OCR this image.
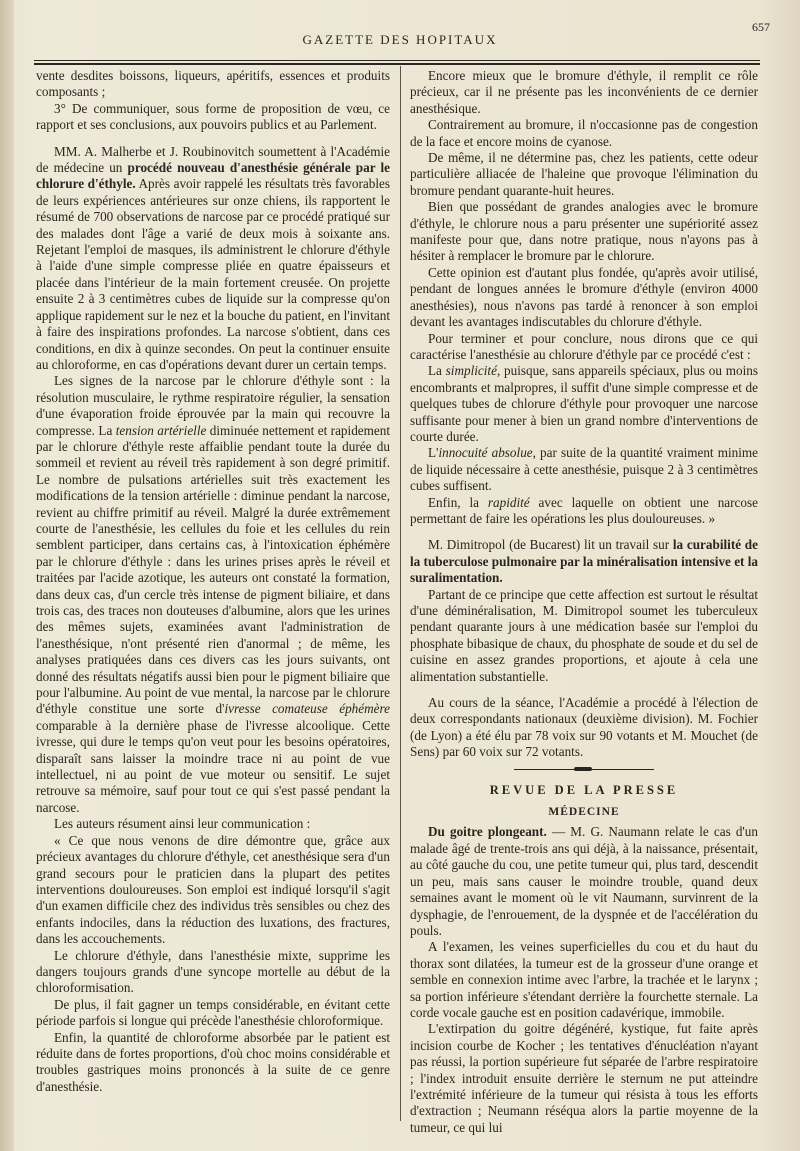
GAZETTE DES HOPITAUX
657

vente desdites boissons, liqueurs, apéritifs, essences et produits composants ;

3° De communiquer, sous forme de proposition de vœu, ce rapport et ses conclusions, aux pouvoirs publics et au Parlement.

MM. A. Malherbe et J. Roubinovitch soumettent à l'Académie de médecine un procédé nouveau d'anesthésie générale par le chlorure d'éthyle. Après avoir rappelé les résultats très favorables de leurs expériences antérieures sur onze chiens, ils rapportent le résumé de 700 observations de narcose par ce procédé pratiqué sur des malades dont l'âge a varié de deux mois à soixante ans. Rejetant l'emploi de masques, ils administrent le chlorure d'éthyle à l'aide d'une simple compresse pliée en quatre épaisseurs et placée dans l'intérieur de la main fortement creusée. On projette ensuite 2 à 3 centimètres cubes de liquide sur la compresse qu'on applique rapidement sur le nez et la bouche du patient, en l'invitant à faire des inspirations profondes. La narcose s'obtient, dans ces conditions, en dix à quinze secondes. On peut la continuer ensuite au chloroforme, en cas d'opérations devant durer un certain temps.

Les signes de la narcose par le chlorure d'éthyle sont : la résolution musculaire, le rythme respiratoire régulier, la sensation d'une évaporation froide éprouvée par la main qui recouvre la compresse. La tension artérielle diminuée nettement et rapidement par le chlorure d'éthyle reste affaiblie pendant toute la durée du sommeil et revient au réveil très rapidement à son degré primitif. Le nombre de pulsations artérielles suit très exactement les modifications de la tension artérielle : diminue pendant la narcose, revient au chiffre primitif au réveil. Malgré la durée extrêmement courte de l'anesthésie, les cellules du foie et les cellules du rein semblent participer, dans certains cas, à l'intoxication éphémère par le chlorure d'éthyle : dans les urines prises après le réveil et traitées par l'acide azotique, les auteurs ont constaté la formation, dans deux cas, d'un cercle très intense de pigment biliaire, et dans trois cas, des traces non douteuses d'albumine, alors que les urines des mêmes sujets, examinées avant l'administration de l'anesthésique, n'ont présenté rien d'anormal ; de même, les analyses pratiquées dans ces divers cas les jours suivants, ont donné des résultats négatifs aussi bien pour le pigment biliaire que pour l'albumine. Au point de vue mental, la narcose par le chlorure d'éthyle constitue une sorte d'ivresse comateuse éphémère comparable à la dernière phase de l'ivresse alcoolique. Cette ivresse, qui dure le temps qu'on veut pour les besoins opératoires, disparaît sans laisser la moindre trace ni au point de vue intellectuel, ni au point de vue moteur ou sensitif. Le sujet retrouve sa mémoire, sauf pour tout ce qui s'est passé pendant la narcose.

Les auteurs résument ainsi leur communication :

« Ce que nous venons de dire démontre que, grâce aux précieux avantages du chlorure d'éthyle, cet anesthésique sera d'un grand secours pour le praticien dans la plupart des petites interventions douloureuses. Son emploi est indiqué lorsqu'il s'agit d'un examen difficile chez des individus très sensibles ou chez des enfants indociles, dans la réduction des luxations, des fractures, dans les accouchements.

Le chlorure d'éthyle, dans l'anesthésie mixte, supprime les dangers toujours grands d'une syncope mortelle au début de la chloroformisation.

De plus, il fait gagner un temps considérable, en évitant cette période parfois si longue qui précède l'anesthésie chloroformique.

Enfin, la quantité de chloroforme absorbée par le patient est réduite dans de fortes proportions, d'où choc moins considérable et troubles gastriques moins prononcés à la suite de ce genre d'anesthésie.

Encore mieux que le bromure d'éthyle, il remplit ce rôle précieux, car il ne présente pas les inconvénients de ce dernier anesthésique.

Contrairement au bromure, il n'occasionne pas de congestion de la face et encore moins de cyanose.

De même, il ne détermine pas, chez les patients, cette odeur particulière alliacée de l'haleine que provoque l'élimination du bromure pendant quarante-huit heures.

Bien que possédant de grandes analogies avec le bromure d'éthyle, le chlorure nous a paru présenter une supériorité assez manifeste pour que, dans notre pratique, nous n'ayons pas à hésiter à remplacer le bromure par le chlorure.

Cette opinion est d'autant plus fondée, qu'après avoir utilisé, pendant de longues années le bromure d'éthyle (environ 4000 anesthésies), nous n'avons pas tardé à renoncer à son emploi devant les avantages indiscutables du chlorure d'éthyle.

Pour terminer et pour conclure, nous dirons que ce qui caractérise l'anesthésie au chlorure d'éthyle par ce procédé c'est :

La simplicité, puisque, sans appareils spéciaux, plus ou moins encombrants et malpropres, il suffit d'une simple compresse et de quelques tubes de chlorure d'éthyle pour provoquer une narcose suffisante pour mener à bien un grand nombre d'interventions de courte durée.

L'innocuité absolue, par suite de la quantité vraiment minime de liquide nécessaire à cette anesthésie, puisque 2 à 3 centimètres cubes suffisent.

Enfin, la rapidité avec laquelle on obtient une narcose permettant de faire les opérations les plus douloureuses. »

M. Dimitropol (de Bucarest) lit un travail sur la curabilité de la tuberculose pulmonaire par la minéralisation intensive et la suralimentation.

Partant de ce principe que cette affection est surtout le résultat d'une déminéralisation, M. Dimitropol soumet les tuberculeux pendant quarante jours à une médication basée sur l'emploi du phosphate bibasique de chaux, du phosphate de soude et du sel de cuisine en assez grandes proportions, et ajoute à cela une alimentation substantielle.

Au cours de la séance, l'Académie a procédé à l'élection de deux correspondants nationaux (deuxième division). M. Fochier (de Lyon) a été élu par 78 voix sur 90 votants et M. Mouchet (de Sens) par 60 voix sur 72 votants.

REVUE DE LA PRESSE
MÉDECINE

Du goitre plongeant. — M. G. Naumann relate le cas d'un malade âgé de trente-trois ans qui déjà, à la naissance, présentait, au côté gauche du cou, une petite tumeur qui, plus tard, descendit un peu, mais sans causer le moindre trouble, quand deux semaines avant le moment où le vit Naumann, survinrent de la dysphagie, de l'enrouement, de la dyspnée et de l'accélération du pouls.

A l'examen, les veines superficielles du cou et du haut du thorax sont dilatées, la tumeur est de la grosseur d'une orange et semble en connexion intime avec l'arbre, la trachée et le larynx ; sa portion inférieure s'étendant derrière la fourchette sternale. La corde vocale gauche est en position cadavérique, immobile.

L'extirpation du goitre dégénéré, kystique, fut faite après incision courbe de Kocher ; les tentatives d'énucléation n'ayant pas réussi, la portion supérieure fut séparée de l'arbre respiratoire ; l'index introduit ensuite derrière le sternum ne put atteindre l'extrémité inférieure de la tumeur qui résista à tous les efforts d'extraction ; Neumann réséqua alors la partie moyenne de la tumeur, ce qui lui
